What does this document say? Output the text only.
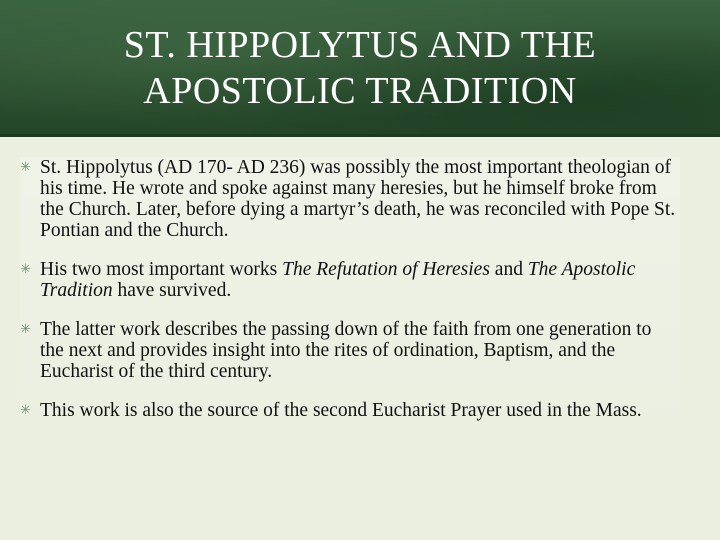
ST. HIPPOLYTUS AND THE
APOSTOLIC TRADITION
✳ St. Hippolytus (AD 170- AD 236) was possibly the most important theologian of his time. He wrote and spoke against many heresies, but he himself broke from the Church. Later, before dying a martyr’s death, he was reconciled with Pope St. Pontian and the Church.
✳ His two most important works The Refutation of Heresies and The Apostolic Tradition have survived.
✳ The latter work describes the passing down of the faith from one generation to the next and provides insight into the rites of ordination, Baptism, and the Eucharist of the third century.
✳ This work is also the source of the second Eucharist Prayer used in the Mass.
